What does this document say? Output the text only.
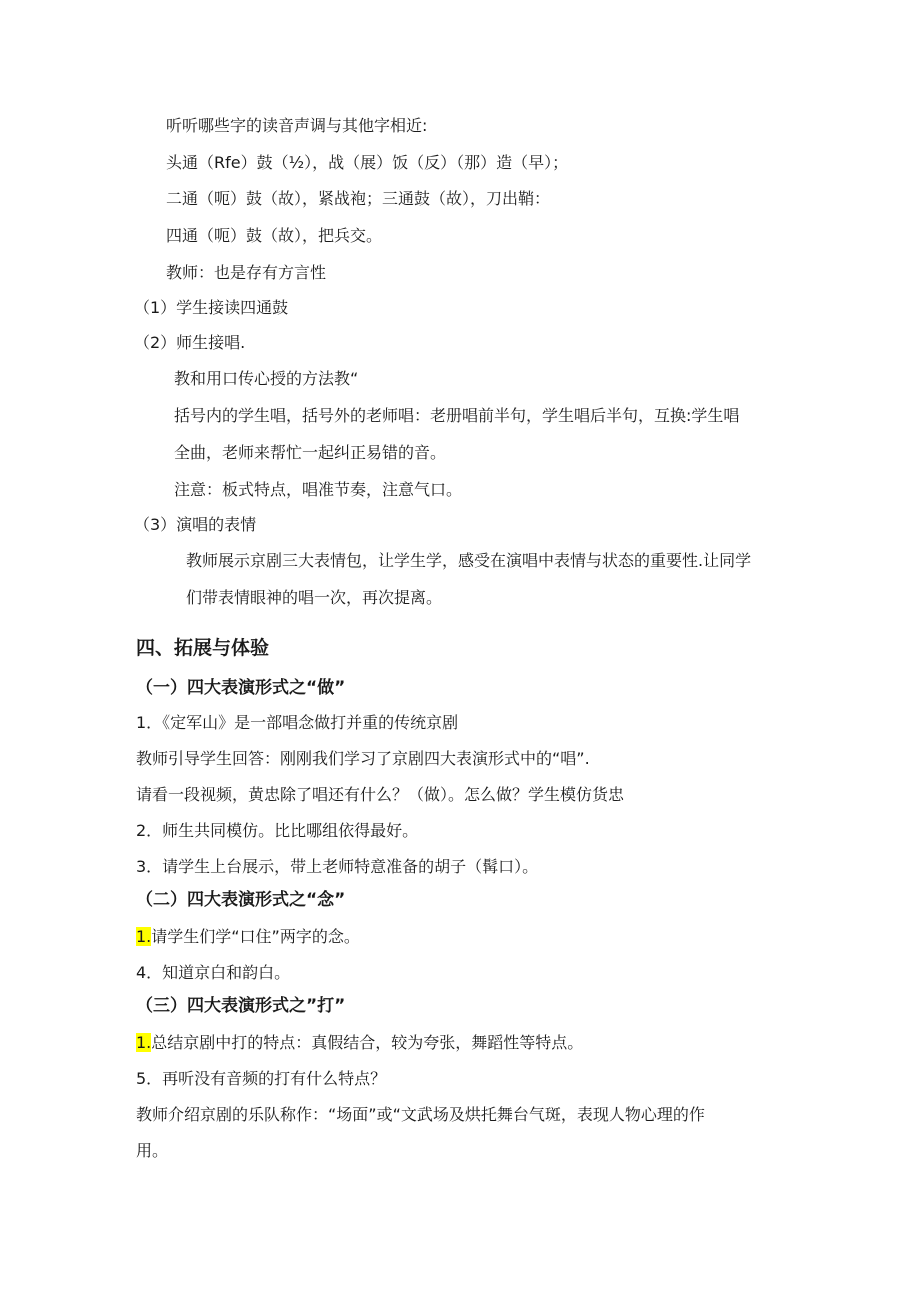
听听哪些字的读音声调与其他字相近:
头通（Rfe）鼓（½），战（展）饭（反）（那）造（早）；
二通（呃）鼓（故），紧战袍；三通鼓（故），刀出鞘：
四通（呃）鼓（故），把兵交。
教师：也是存有方言性
（1）学生接读四通鼓
（2）师生接唱.
教和用口传心授的方法教“
括号内的学生唱，括号外的老师唱：老册唱前半句，学生唱后半句，互换:学生唱
全曲，老师来帮忙一起纠正易错的音。
注意：板式特点，唱准节奏，注意气口。
（3）演唱的表情
教师展示京剧三大表情包，让学生学，感受在演唱中表情与状态的重要性.让同学
们带表情眼神的唱一次，再次提离。
四、拓展与体验
（一）四大表演形式之“做”
1．《定军山》是一部唱念做打并重的传统京剧
教师引导学生回答：刚刚我们学习了京剧四大表演形式中的“唱”.
请看一段视频，黄忠除了唱还有什么？（做）。怎么做？学生模仿货忠
2．师生共同模仿。比比哪组依得最好。
3．请学生上台展示，带上老师特意准备的胡子（髯口）。
（二）四大表演形式之“念”
1.请学生们学“口住”两字的念。
4．知道京白和韵白。
（三）四大表演形式之”打”
1.总结京剧中打的特点：真假结合，较为夸张，舞蹈性等特点。
5．再听没有音频的打有什么特点？
教师介绍京剧的乐队称作：“场面”或“文武场及烘托舞台气斑，表现人物心理的作
用。
